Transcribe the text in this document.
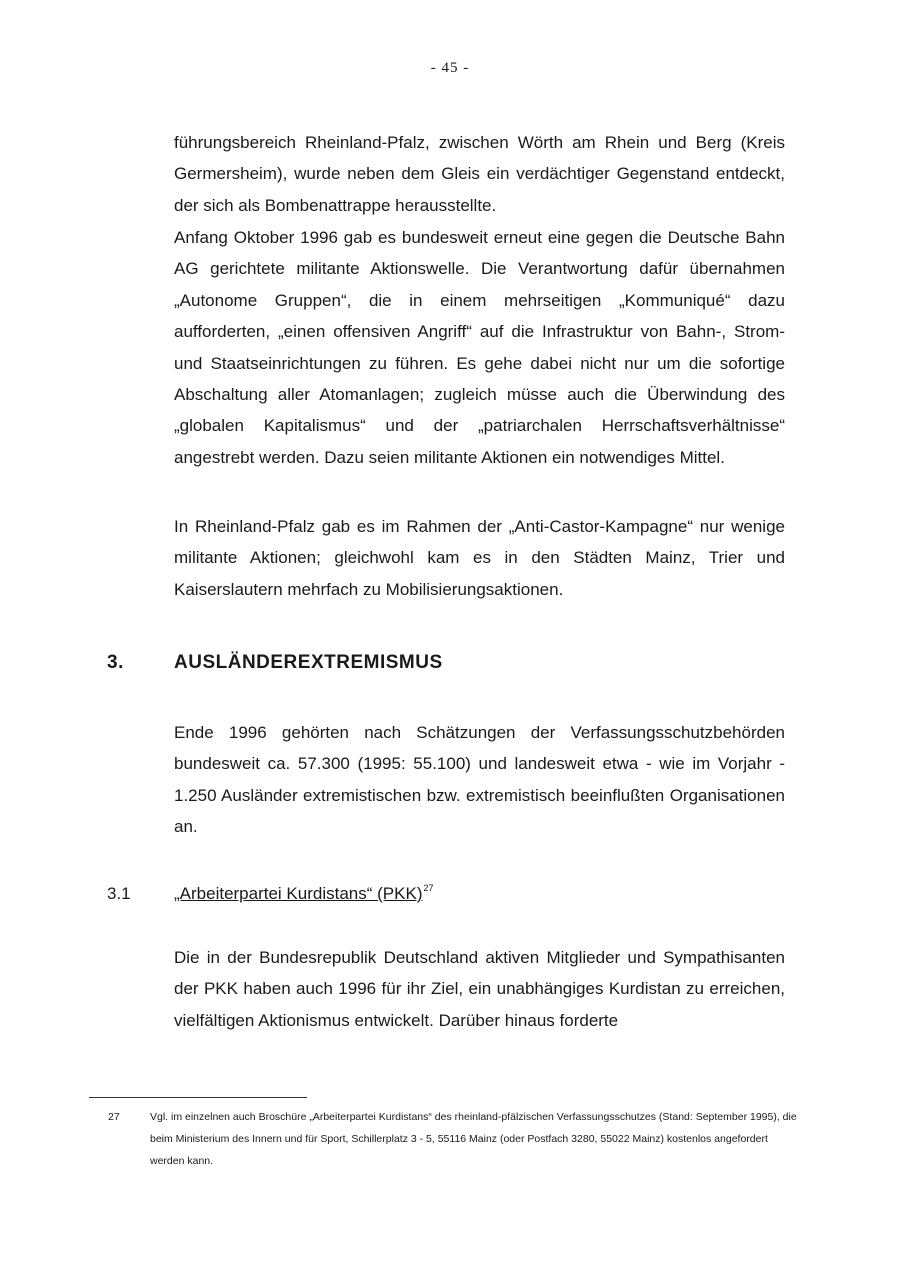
- 45 -

führungsbereich Rheinland-Pfalz, zwischen Wörth am Rhein und Berg (Kreis Germersheim), wurde neben dem Gleis ein verdächtiger Gegenstand entdeckt, der sich als Bombenattrappe herausstellte.

Anfang Oktober 1996 gab es bundesweit erneut eine gegen die Deutsche Bahn AG gerichtete militante Aktionswelle. Die Verantwortung dafür übernahmen „Autonome Gruppen“, die in einem mehrseitigen „Kommuniqué“ dazu aufforderten, „einen offensiven Angriff“ auf die Infrastruktur von Bahn-, Strom- und Staatseinrichtungen zu führen. Es gehe dabei nicht nur um die sofortige Abschaltung aller Atomanlagen; zugleich müsse auch die Überwindung des „globalen Kapitalismus“ und der „patriarchalen Herrschaftsverhältnisse“ angestrebt werden. Dazu seien militante Aktionen ein notwendiges Mittel.

In Rheinland-Pfalz gab es im Rahmen der „Anti-Castor-Kampagne“ nur wenige militante Aktionen; gleichwohl kam es in den Städten Mainz, Trier und Kaiserslautern mehrfach zu Mobilisierungsaktionen.

3.	AUSLÄNDEREXTREMISMUS

Ende 1996 gehörten nach Schätzungen der Verfassungsschutzbehörden bundesweit ca. 57.300 (1995: 55.100) und landesweit etwa - wie im Vorjahr - 1.250 Ausländer extremistischen bzw. extremistisch beeinflußten Organisationen an.

3.1	„Arbeiterpartei Kurdistans“ (PKK)$^{27}$

Die in der Bundesrepublik Deutschland aktiven Mitglieder und Sympathisanten der PKK haben auch 1996 für ihr Ziel, ein unabhängiges Kurdistan zu erreichen, vielfältigen Aktionismus entwickelt. Darüber hinaus forderte

27	Vgl. im einzelnen auch Broschüre „Arbeiterpartei Kurdistans“ des rheinland-pfälzischen Verfassungsschutzes (Stand: September 1995), die beim Ministerium des Innern und für Sport, Schillerplatz 3 - 5, 55116 Mainz (oder Postfach 3280, 55022 Mainz) kostenlos angefordert werden kann.
